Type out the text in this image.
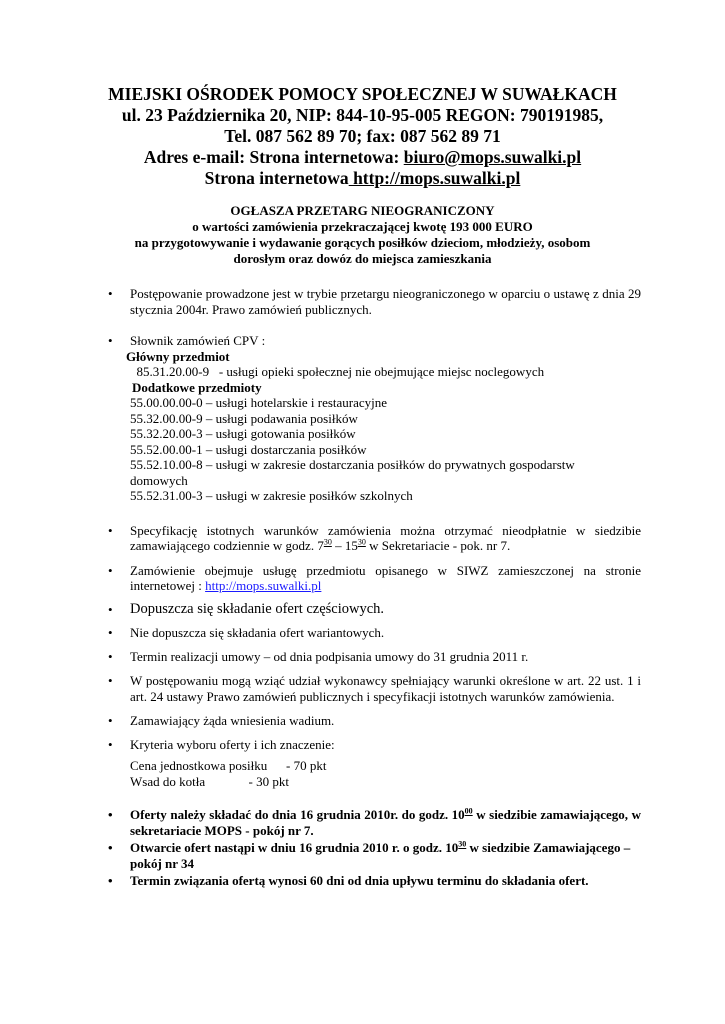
MIEJSKI OŚRODEK POMOCY SPOŁECZNEJ W SUWAŁKACH
ul. 23 Października 20, NIP: 844-10-95-005 REGON: 790191985,
Tel. 087 562 89 70; fax: 087 562 89 71
Adres e-mail: Strona internetowa: biuro@mops.suwalki.pl
Strona internetowa http://mops.suwalki.pl
OGŁASZA PRZETARG NIEOGRANICZONY
o wartości zamówienia przekraczającej kwotę 193 000 EURO
na przygotowywanie i wydawanie gorących posiłków dzieciom, młodzieży, osobom
dorosłym oraz dowóz do miejsca zamieszkania
• Postępowanie prowadzone jest w trybie przetargu nieograniczonego w oparciu o ustawę z dnia 29 stycznia 2004r. Prawo zamówień publicznych.
• Słownik zamówień CPV :
Główny przedmiot
85.31.20.00-9   - usługi opieki społecznej nie obejmujące miejsc noclegowych
Dodatkowe przedmioty
55.00.00.00-0 – usługi hotelarskie i restauracyjne
55.32.00.00-9 – usługi podawania posiłków
55.32.20.00-3 – usługi gotowania posiłków
55.52.00.00-1 – usługi dostarczania posiłków
55.52.10.00-8 – usługi w zakresie dostarczania posiłków do prywatnych gospodarstw domowych
55.52.31.00-3 – usługi w zakresie posiłków szkolnych
• Specyfikację istotnych warunków zamówienia można otrzymać nieodpłatnie w siedzibie zamawiającego codziennie w godz. $7^{30} - 15^{30}$ w Sekretariacie - pok. nr 7.
• Zamówienie obejmuje usługę przedmiotu opisanego w SIWZ zamieszczonej na stronie internetowej : http://mops.suwalki.pl
• Dopuszcza się składanie ofert częściowych.
• Nie dopuszcza się składania ofert wariantowych.
• Termin realizacji umowy – od dnia podpisania umowy do 31 grudnia 2011 r.
• W postępowaniu mogą wziąć udział wykonawcy spełniający warunki określone w art. 22 ust. 1 i art. 24 ustawy Prawo zamówień publicznych i specyfikacji istotnych warunków zamówienia.
• Zamawiający żąda wniesienia wadium.
• Kryteria wyboru oferty i ich znaczenie:
Cena jednostkowa posiłku	- 70 pkt
Wsad do kotła
- 30 pkt
• Oferty należy składać do dnia 16 grudnia 2010r. do godz. $10^{00}$ w siedzibie zamawiającego, w sekretariacie MOPS - pokój nr 7.
• Otwarcie ofert nastąpi w dniu 16 grudnia 2010 r. o godz. $10^{30}$ w siedzibie Zamawiającego – pokój nr 34
• Termin związania ofertą wynosi 60 dni od dnia upływu terminu do składania ofert.
